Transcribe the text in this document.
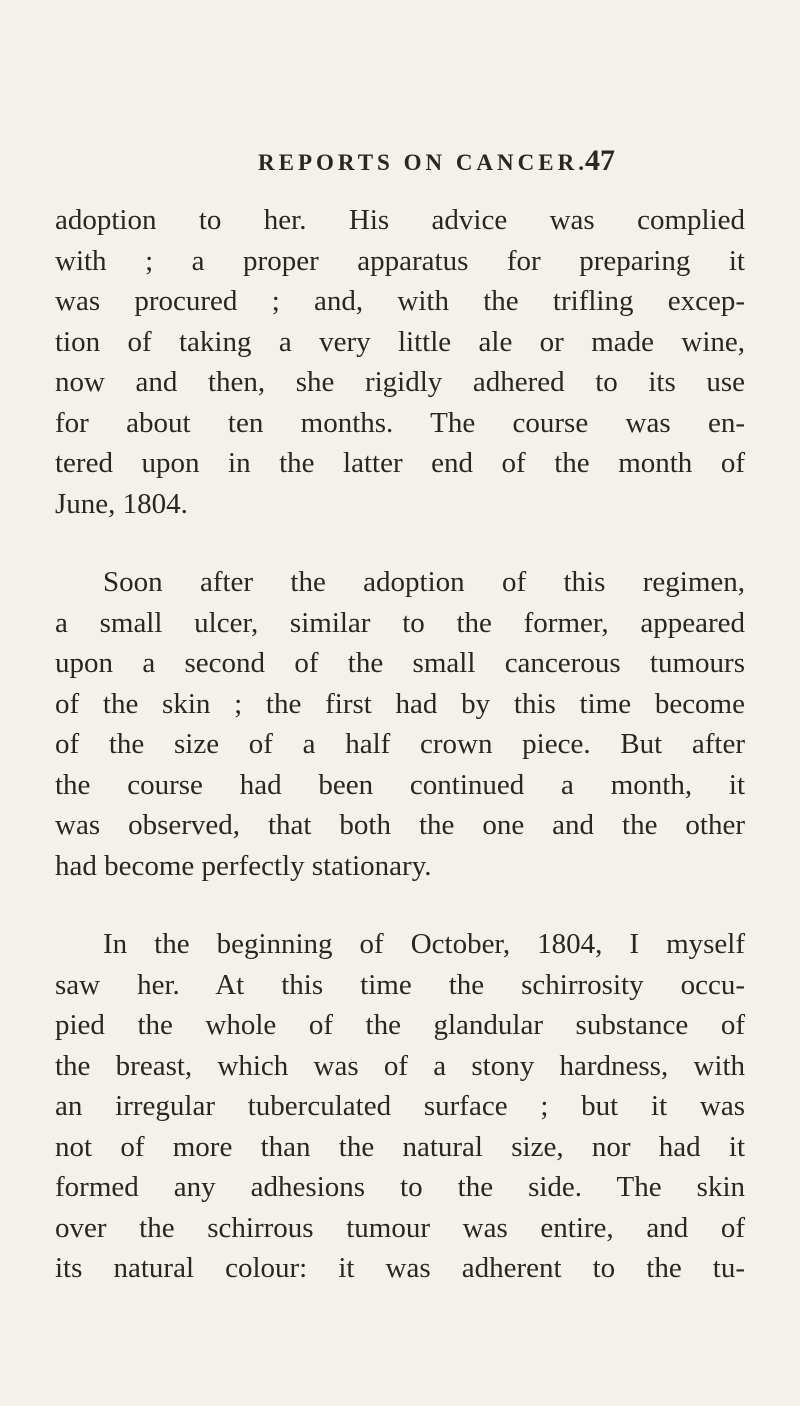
REPORTS ON CANCER.
47

adoption to her. His advice was complied
with ; a proper apparatus for preparing it
was procured ; and, with the trifling excep-
tion of taking a very little ale or made wine,
now and then, she rigidly adhered to its use
for about ten months. The course was en-
tered upon in the latter end of the month of
June, 1804.

Soon after the adoption of this regimen,
a small ulcer, similar to the former, appeared
upon a second of the small cancerous tumours
of the skin ; the first had by this time become
of the size of a half crown piece. But after
the course had been continued a month, it
was observed, that both the one and the other
had become perfectly stationary.

In the beginning of October, 1804, I myself
saw her. At this time the schirrosity occu-
pied the whole of the glandular substance of
the breast, which was of a stony hardness, with
an irregular tuberculated surface ; but it was
not of more than the natural size, nor had it
formed any adhesions to the side. The skin
over the schirrous tumour was entire, and of
its natural colour: it was adherent to the tu-
